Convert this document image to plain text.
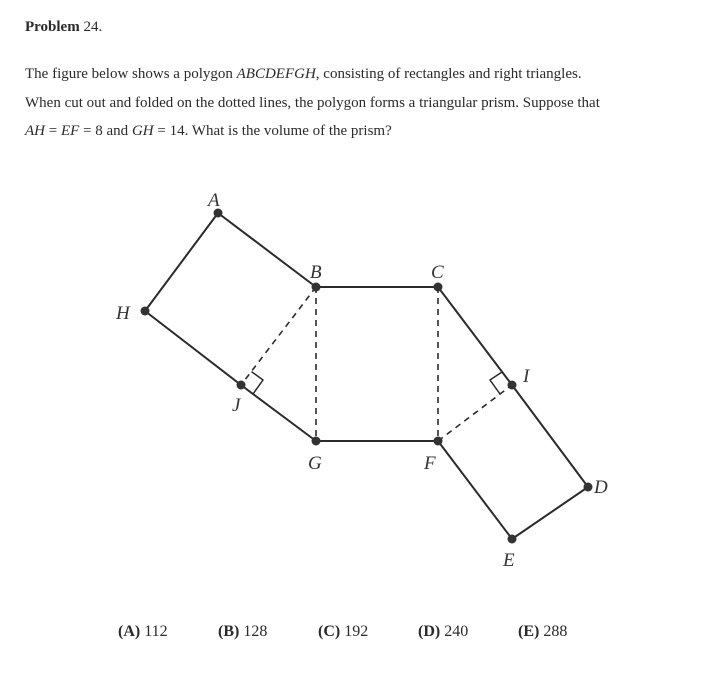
Problem 24.

The figure below shows a polygon ABCDEFGH, consisting of rectangles and right triangles.

When cut out and folded on the dotted lines, the polygon forms a triangular prism. Suppose that

AH = EF = 8 and GH = 14. What is the volume of the prism?

A
B	C
D
E
F
G
H
I
J
(A) 112	(B) 128	(C) 192	(D) 240	(E) 288
